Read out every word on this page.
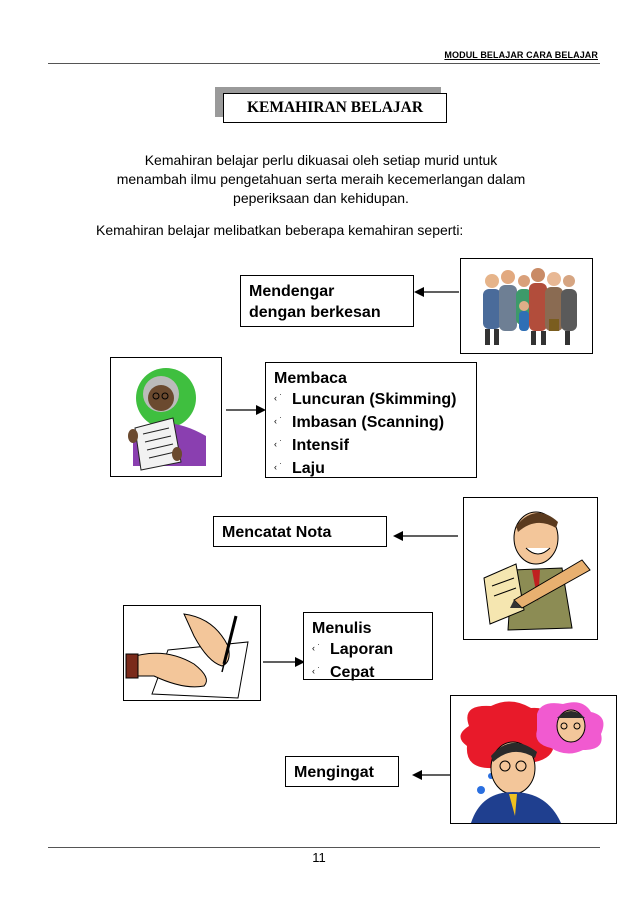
MODUL BELAJAR CARA BELAJAR
KEMAHIRAN BELAJAR
Kemahiran belajar perlu dikuasai oleh setiap murid untuk
menambah ilmu pengetahuan serta meraih kecemerlangan dalam
peperiksaan dan kehidupan.
Kemahiran belajar melibatkan beberapa kemahiran seperti:
Mendengar
dengan berkesan
Membaca
‹ ˙ Luncuran (Skimming)
‹ ˙ Imbasan (Scanning)
‹ ˙ Intensif
‹ ˙ Laju
Mencatat Nota
Menulis
‹ ˙ Laporan
‹ ˙ Cepat
Mengingat
11
